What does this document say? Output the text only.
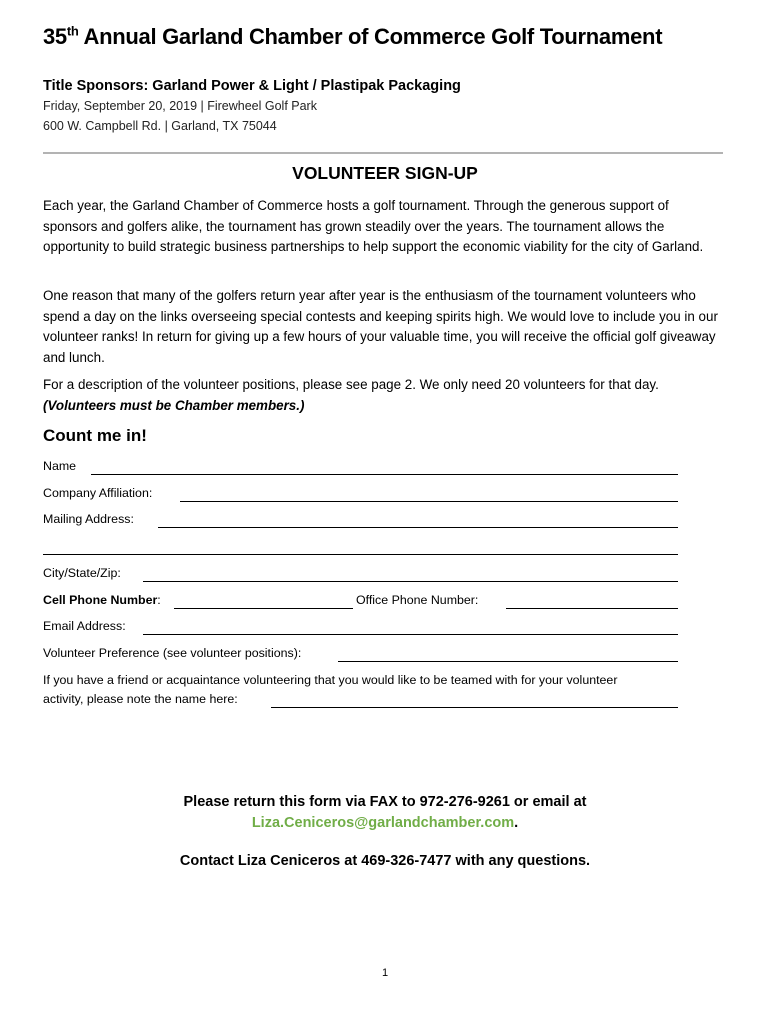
35th Annual Garland Chamber of Commerce Golf Tournament
Title Sponsors: Garland Power & Light / Plastipak Packaging
Friday, September 20, 2019 | Firewheel Golf Park
600 W. Campbell Rd. | Garland, TX 75044
VOLUNTEER SIGN-UP
Each year, the Garland Chamber of Commerce hosts a golf tournament. Through the generous support of sponsors and golfers alike, the tournament has grown steadily over the years. The tournament allows the opportunity to build strategic business partnerships to help support the economic viability for the city of Garland.
One reason that many of the golfers return year after year is the enthusiasm of the tournament volunteers who spend a day on the links overseeing special contests and keeping spirits high. We would love to include you in our volunteer ranks! In return for giving up a few hours of your valuable time, you will receive the official golf giveaway and lunch.
For a description of the volunteer positions, please see page 2. We only need 20 volunteers for that day. (Volunteers must be Chamber members.)
Count me in!
Name
Company Affiliation:
Mailing Address:
City/State/Zip:
Cell Phone Number:	Office Phone Number:
Email Address:
Volunteer Preference (see volunteer positions):
If you have a friend or acquaintance volunteering that you would like to be teamed with for your volunteer
activity, please note the name here:
Please return this form via FAX to 972-276-9261 or email at
Liza.Ceniceros@garlandchamber.com.
Contact Liza Ceniceros at 469-326-7477 with any questions.
1
